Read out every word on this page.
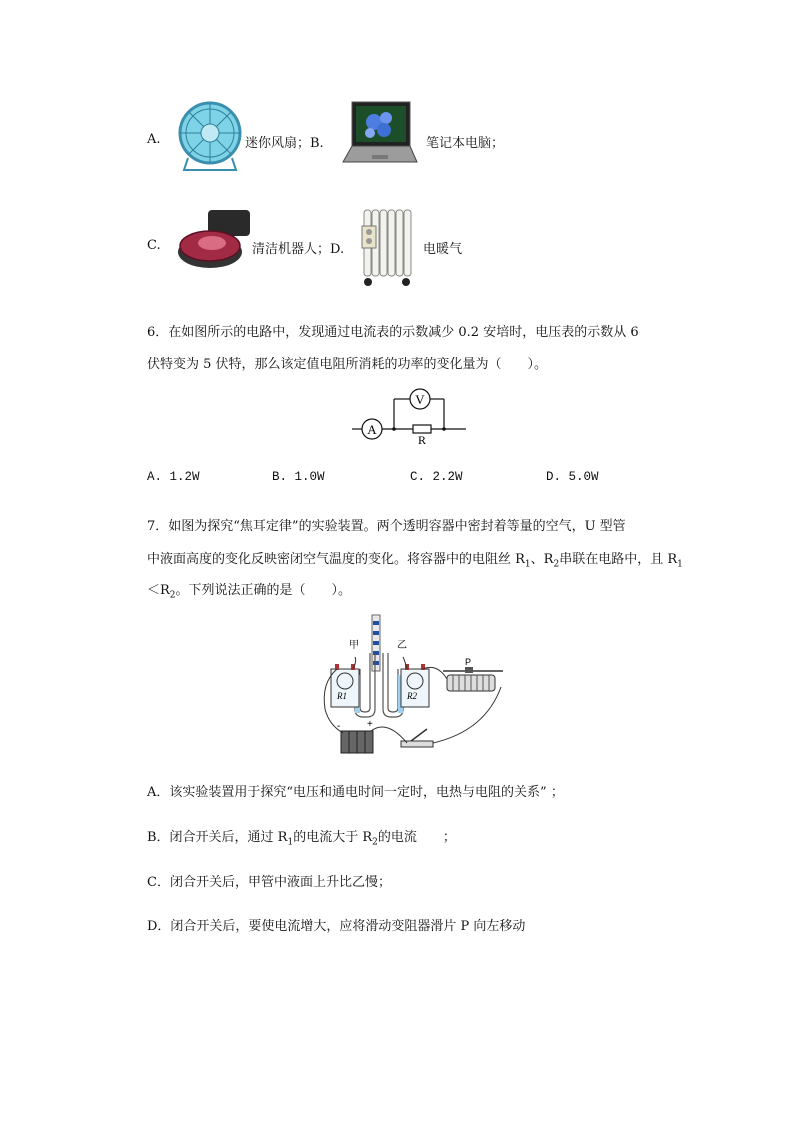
A.	迷你风扇；B.	笔记本电脑；
C.	清洁机器人；D.	电暖气
6．在如图所示的电路中，发现通过电流表的示数减少 0.2 安培时，电压表的示数从 6
伏特变为 5 伏特，那么该定值电阻所消耗的功率的变化量为（　　）。
A
V
R
A. 1.2W	B. 1.0W	C. 2.2W	D. 5.0W
7．如图为探究“焦耳定律”的实验装置。两个透明容器中密封着等量的空气，U 型管
中液面高度的变化反映密闭空气温度的变化。将容器中的电阻丝 $R_1$、$R_2$串联在电路中，且 $R_1$
$<R_2$。下列说法正确的是（　　）。
甲	乙
R1	R2
P
-	+
A．该实验装置用于探究“电压和通电时间一定时，电热与电阻的关系” ；
B．闭合开关后，通过 $R_1$的电流大于 $R_2$的电流　　；
C．闭合开关后，甲管中液面上升比乙慢；
D．闭合开关后，要使电流增大，应将滑动变阻器滑片 P 向左移动
